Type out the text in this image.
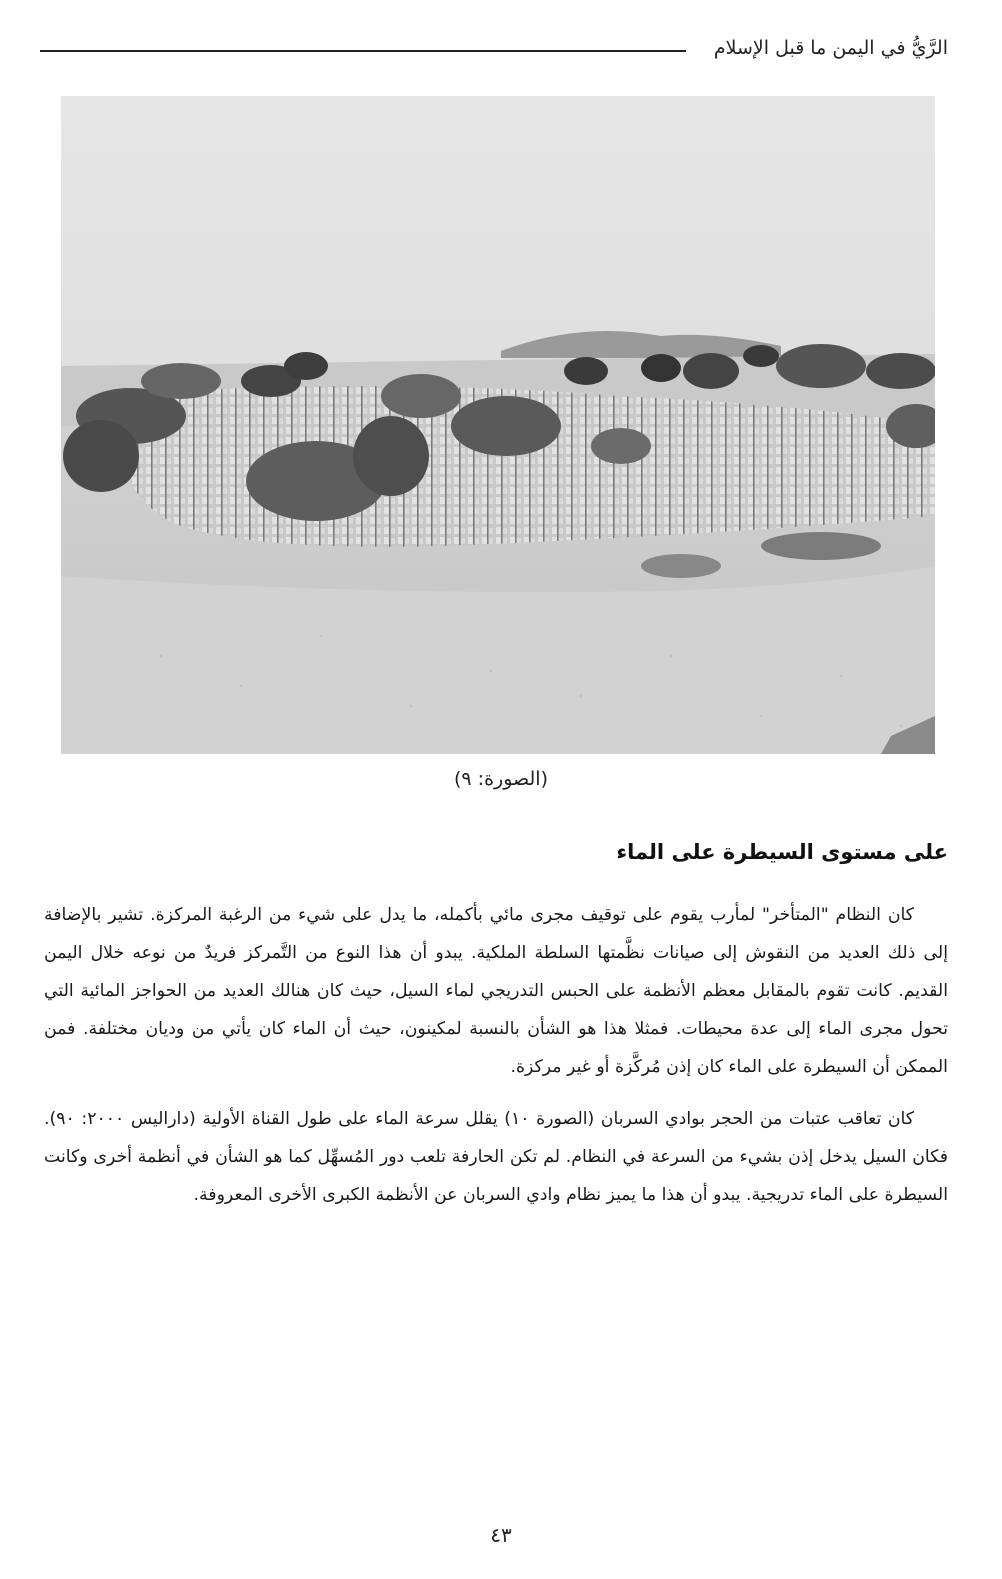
الرَّيُّ في اليمن ما قبل الإسلام
(الصورة: ٩)
على مستوى السيطرة على الماء

كان النظام "المتأخر" لمأرب يقوم على توقيف مجرى مائي بأكمله، ما يدل على شيء من الرغبة المركزة. تشير بالإضافة إلى ذلك العديد من النقوش إلى صيانات نظَّمتها السلطة الملكية. يبدو أن هذا النوع من التَّمركز فريدٌ من نوعه خلال اليمن القديم. كانت تقوم بالمقابل معظم الأنظمة على الحبس التدريجي لماء السيل، حيث كان هنالك العديد من الحواجز المائية التي تحول مجرى الماء إلى عدة محيطات. فمثلا هذا هو الشأن بالنسبة لمكينون، حيث أن الماء كان يأتي من وديان مختلفة. فمن الممكن أن السيطرة على الماء كان إذن مُركَّزة أو غير مركزة.

كان تعاقب عتبات من الحجر بوادي السربان (الصورة ١٠) يقلل سرعة الماء على طول القناة الأولية (داراليس ٢٠٠٠: ٩٠). فكان السيل يدخل إذن بشيء من السرعة في النظام. لم تكن الحارفة تلعب دور المُسهِّل كما هو الشأن في أنظمة أخرى وكانت السيطرة على الماء تدريجية. يبدو أن هذا ما يميز نظام وادي السربان عن الأنظمة الكبرى الأخرى المعروفة.

٤٣
